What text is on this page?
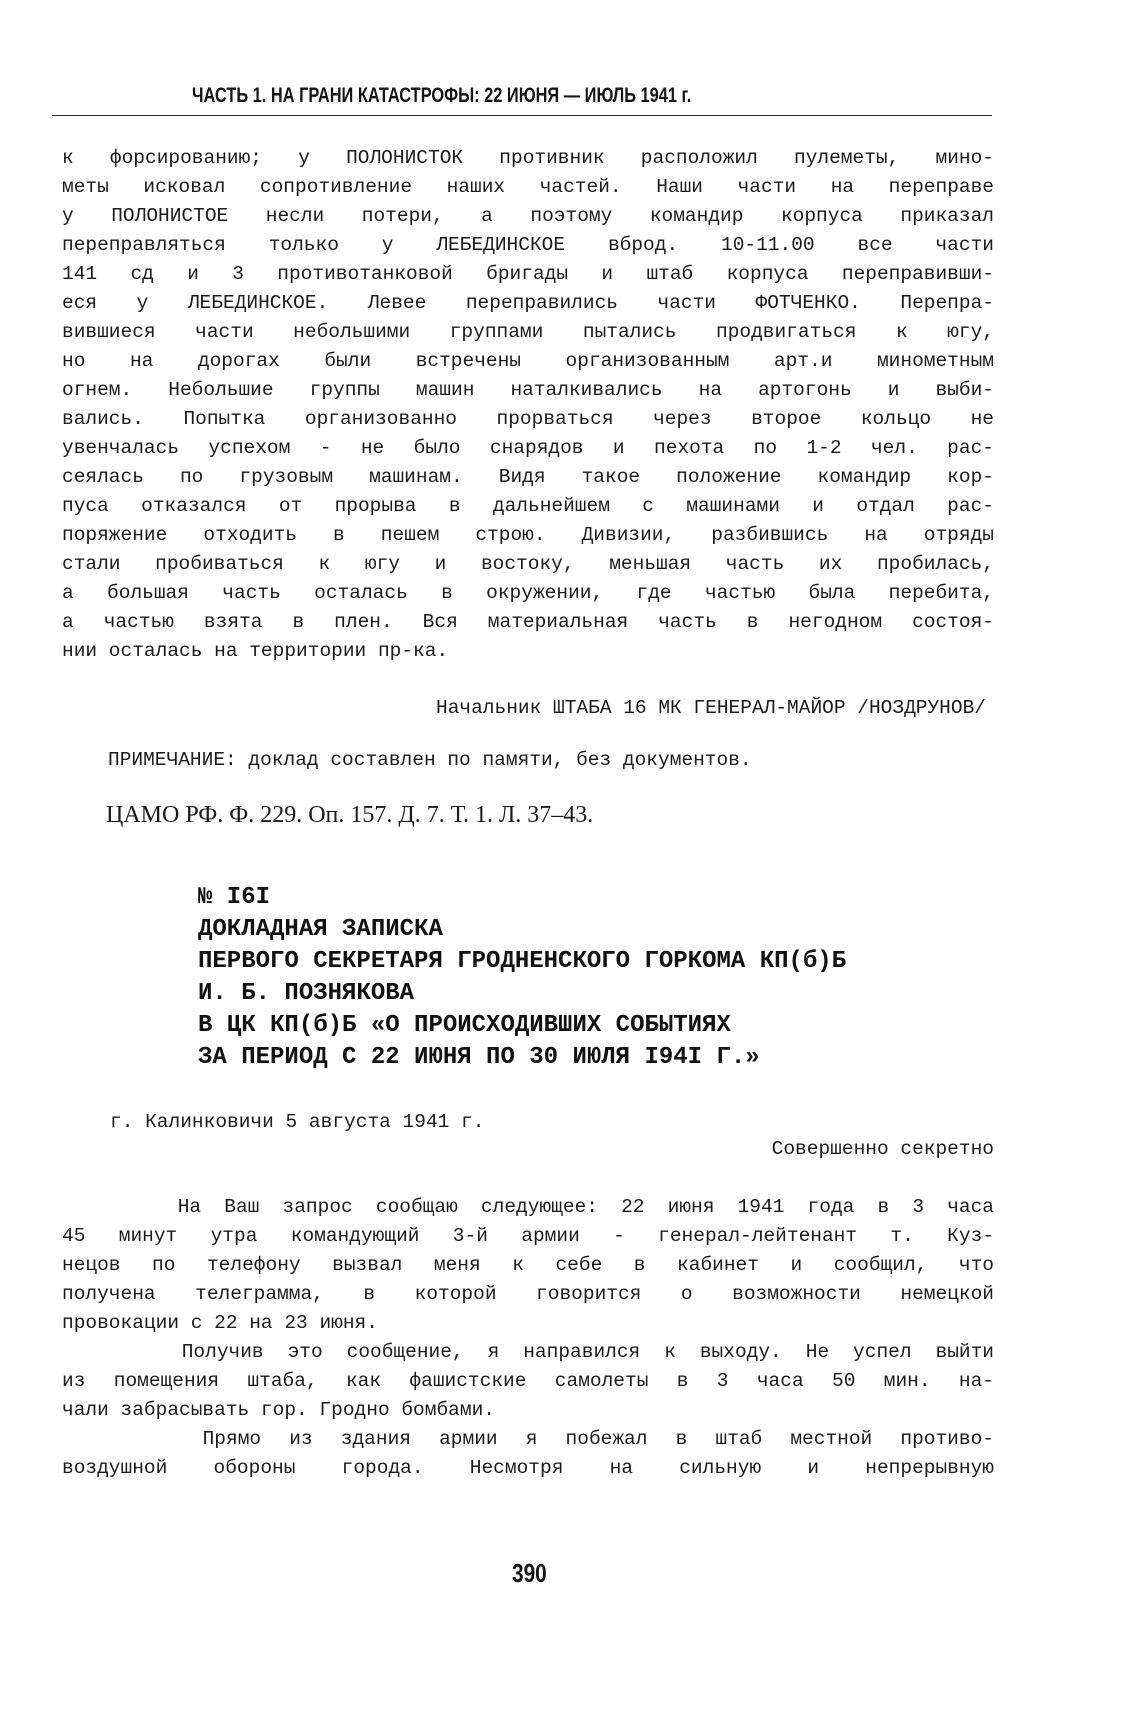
ЧАСТЬ 1. НА ГРАНИ КАТАСТРОФЫ: 22 ИЮНЯ — ИЮЛЬ 1941 г.
к форсированию; у ПОЛОНИСТОК противник расположил пулеметы, мино-
меты исковал сопротивление наших частей. Наши части на переправе
у ПОЛОНИСТОЕ несли потери, а поэтому командир корпуса приказал
переправляться только у ЛЕБЕДИНСКОЕ вброд. 10-11.00 все части
141 сд и 3 противотанковой бригады и штаб корпуса переправивши-
еся у ЛЕБЕДИНСКОЕ. Левее переправились части ФОТЧЕНКО. Перепра-
вившиеся части небольшими группами пытались продвигаться к югу,
но на дорогах были встречены организованным арт.и минометным
огнем. Небольшие группы машин наталкивались на артогонь и выби-
вались. Попытка организованно прорваться через второе кольцо не
увенчалась успехом - не было снарядов и пехота по 1-2 чел. рас-
сеялась по грузовым машинам. Видя такое положение командир кор-
пуса отказался от прорыва в дальнейшем с машинами и отдал рас-
поряжение отходить в пешем строю. Дивизии, разбившись на отряды
стали пробиваться к югу и востоку, меньшая часть их пробилась,
а большая часть осталась в окружении, где частью была перебита,
а частью взята в плен. Вся материальная часть в негодном состоя-
нии осталась на территории пр-ка.
Начальник ШТАБА 16 МК ГЕНЕРАЛ-МАЙОР /НОЗДРУНОВ/
ПРИМЕЧАНИЕ: доклад составлен по памяти, без документов.
ЦАМО РФ. Ф. 229. Оп. 157. Д. 7. Т. 1. Л. 37–43.
№ I6I
ДОКЛАДНАЯ ЗАПИСКА
ПЕРВОГО СЕКРЕТАРЯ ГРОДНЕНСКОГО ГОРКОМА КП(б)Б
И. Б. ПОЗНЯКОВА
В ЦК КП(б)Б «О ПРОИСХОДИВШИХ СОБЫТИЯХ
ЗА ПЕРИОД С 22 ИЮНЯ ПО 30 ИЮЛЯ I94I Г.»
г. Калинковичи 5 августа 1941 г.
Совершенно секретно
На Ваш запрос сообщаю следующее: 22 июня 1941 года в 3 часа
45 минут утра командующий 3-й армии - генерал-лейтенант т. Куз-
нецов по телефону вызвал меня к себе в кабинет и сообщил, что
получена телеграмма, в которой говорится о возможности немецкой
провокации с 22 на 23 июня.
Получив это сообщение, я направился к выходу. Не успел выйти
из помещения штаба, как фашистские самолеты в 3 часа 50 мин. на-
чали забрасывать гор. Гродно бомбами.
Прямо из здания армии я побежал в штаб местной противо-
воздушной обороны города. Несмотря на сильную и непрерывную
390
